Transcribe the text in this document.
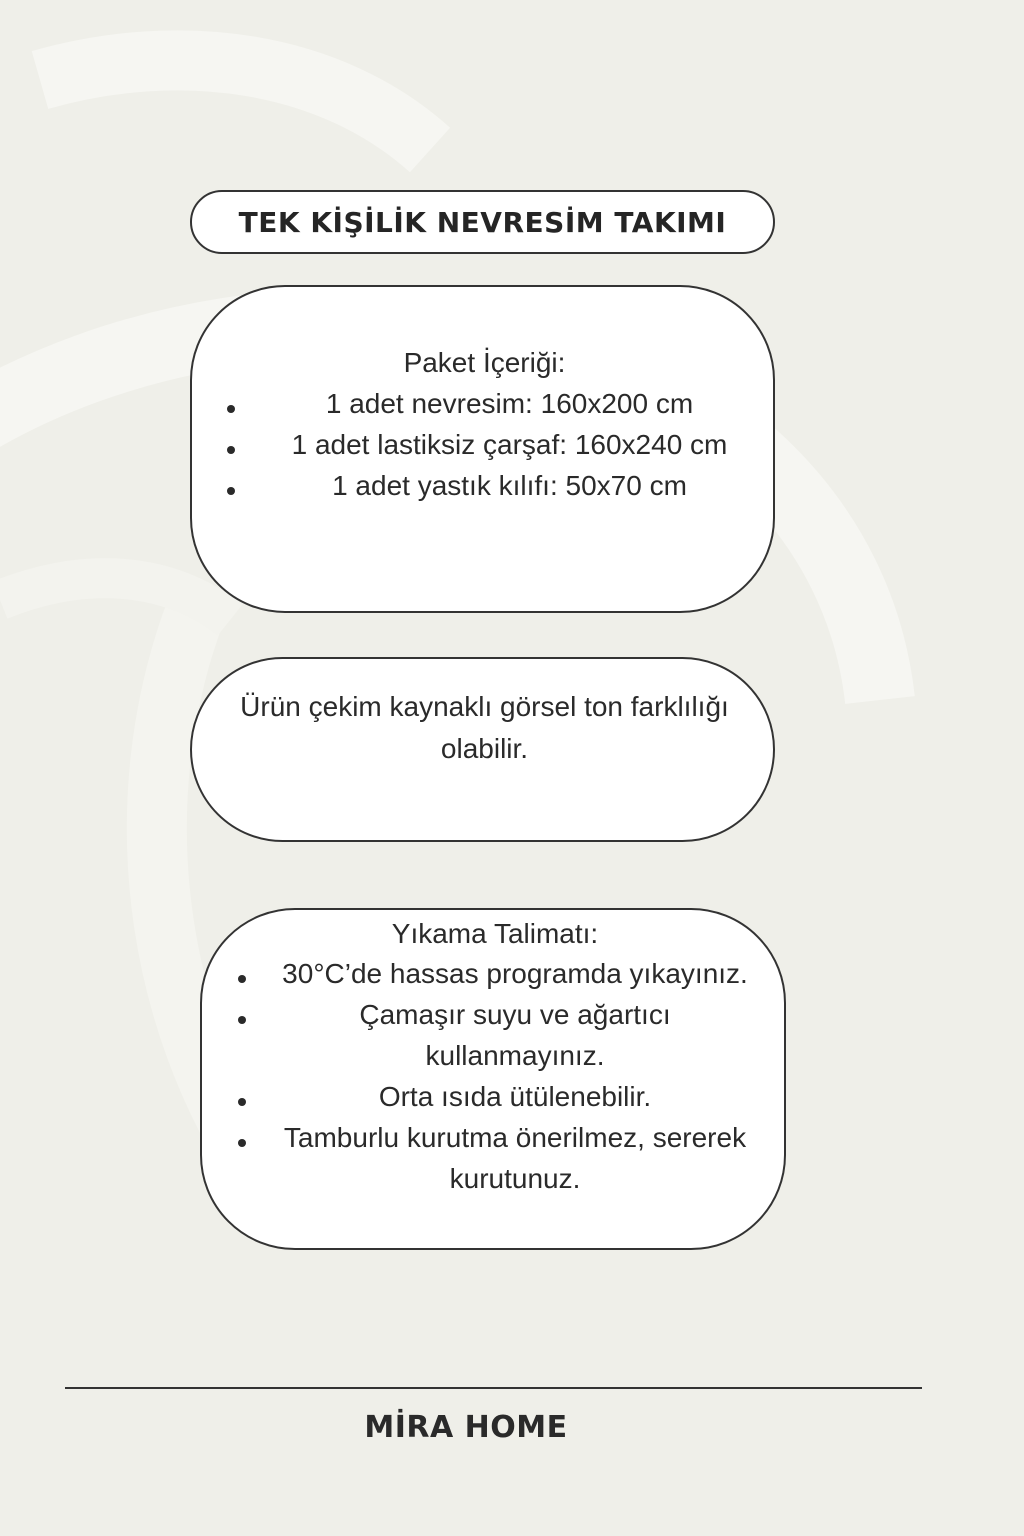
TEK KİŞİLİK NEVRESİM TAKIMI
Paket İçeriği:
1 adet nevresim: 160x200 cm
1 adet lastiksiz çarşaf: 160x240 cm
1 adet yastık kılıfı: 50x70 cm
Ürün çekim kaynaklı görsel ton farklılığı
olabilir.
Yıkama Talimatı:
30°C’de hassas programda yıkayınız.
Çamaşır suyu ve ağartıcı
kullanmayınız.
Orta ısıda ütülenebilir.
Tamburlu kurutma önerilmez, sererek
kurutunuz.
MİRA HOME
